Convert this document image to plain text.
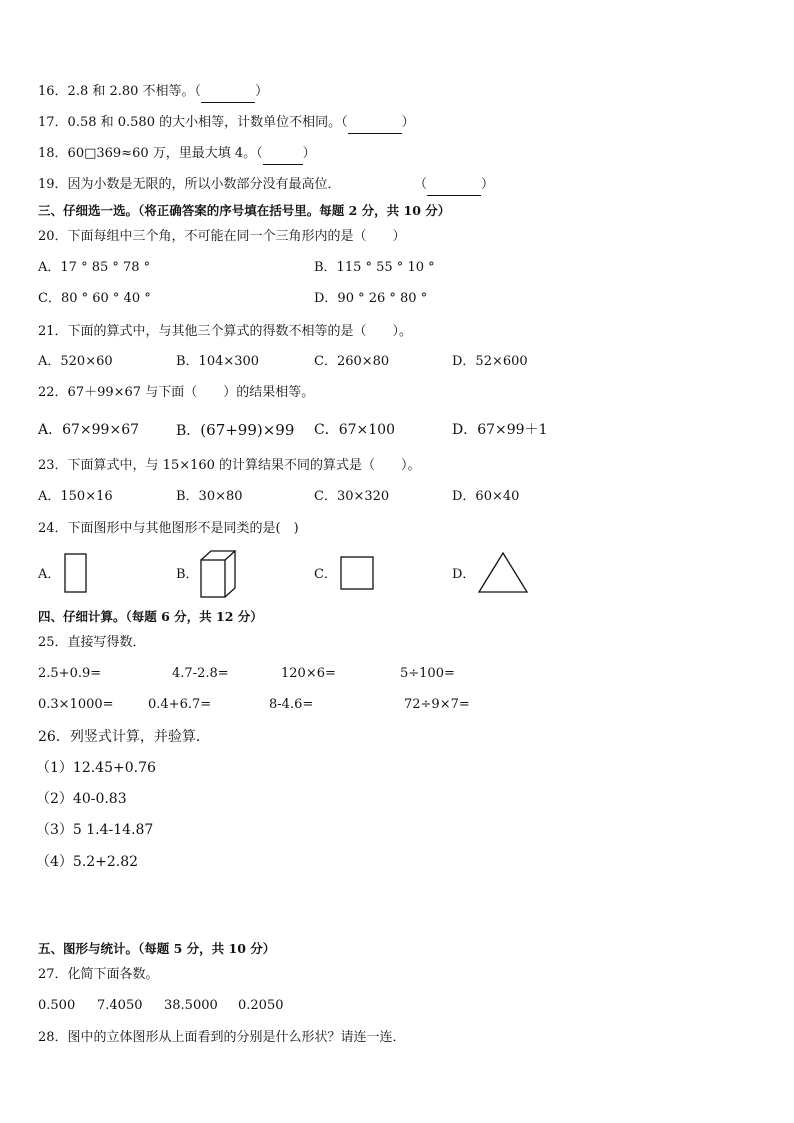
16．2.8 和 2.80 不相等。（	）
17．0.58 和 0.580 的大小相等，计数单位不相同。（	）
18．60□369≈60 万，里最大填 4。（	）
19．因为小数是无限的，所以小数部分没有最高位．	（	）
三、仔细选一选。（将正确答案的序号填在括号里。每题 2 分，共 10 分）
20．下面每组中三个角，不可能在同一个三角形内的是（　　）
A．17 ° 85 ° 78 °	B．115 ° 55 ° 10 °
C．80 ° 60 ° 40 °	D．90 ° 26 ° 80 °
21．下面的算式中，与其他三个算式的得数不相等的是（　　）。
A．520×60	B．104×300	C．260×80	D．52×600
22．67＋99×67 与下面（　　）的结果相等。
A．67×99×67	B．(67+99)×99 C．67×100	D．67×99＋1
23．下面算式中，与 15×160 的计算结果不同的算式是（　　）。
A．150×16	B．30×80	C．30×320	D．60×40
24．下面图形中与其他图形不是同类的是(　)
A．	B．	C．	D．
四、仔细计算。（每题 6 分，共 12 分）
25．直接写得数．
2.5+0.9=	4.7-2.8=	120×6=	5÷100=
0.3×1000=	0.4+6.7=	8-4.6=	72÷9×7=
26．列竖式计算，并验算．
（1）12.45+0.76
（2）40-0.83
（3）5 1.4-14.87
（4）5.2+2.82
五、图形与统计。（每题 5 分，共 10 分）
27．化简下面各数。
0.500 7.4050 38.5000 0.2050
28．图中的立体图形从上面看到的分别是什么形状？请连一连．
